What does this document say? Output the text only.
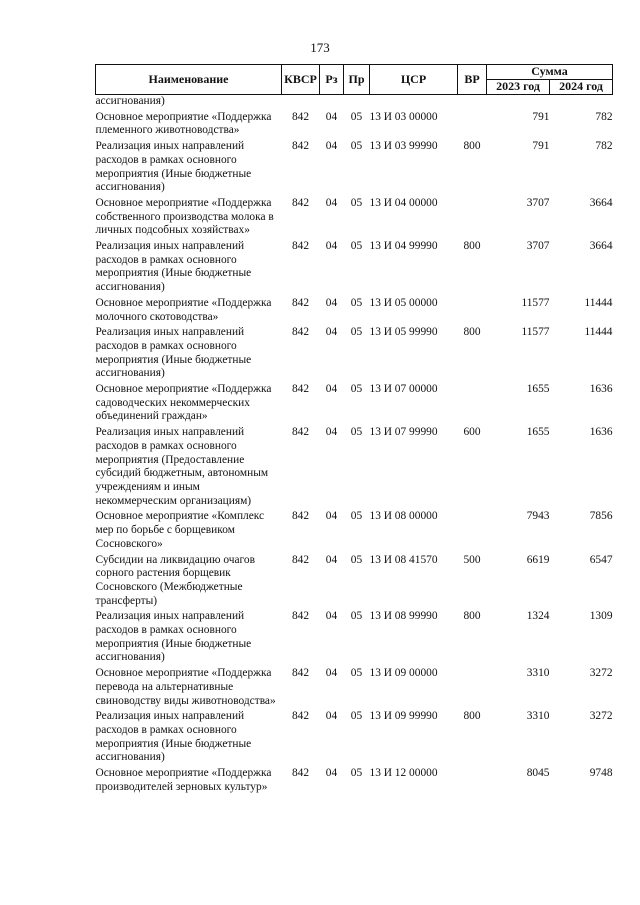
173
Наименование	КВСР	Рз	Пр	ЦСР	ВР	Сумма	
						2023 год	2024 год
ассигнования)							
Основное мероприятие «Поддержка племенного животноводства»	842	04	05	13 И 03 00000		791	782
Реализация иных направлений расходов в рамках основного мероприятия (Иные бюджетные ассигнования)	842	04	05	13 И 03 99990	800	791	782
Основное мероприятие «Поддержка собственного производства молока в личных подсобных хозяйствах»	842	04	05	13 И 04 00000		3707	3664
Реализация иных направлений расходов в рамках основного мероприятия (Иные бюджетные ассигнования)	842	04	05	13 И 04 99990	800	3707	3664
Основное мероприятие «Поддержка молочного скотоводства»	842	04	05	13 И 05 00000		11577	11444
Реализация иных направлений расходов в рамках основного мероприятия (Иные бюджетные ассигнования)	842	04	05	13 И 05 99990	800	11577	11444
Основное мероприятие «Поддержка садоводческих некоммерческих объединений граждан»	842	04	05	13 И 07 00000		1655	1636
Реализация иных направлений расходов в рамках основного мероприятия (Предоставление субсидий бюджетным, автономным учреждениям и иным некоммерческим организациям)	842	04	05	13 И 07 99990	600	1655	1636
Основное мероприятие «Комплекс мер по борьбе с борщевиком Сосновского»	842	04	05	13 И 08 00000		7943	7856
Субсидии на ликвидацию очагов сорного растения борщевик Сосновского (Межбюджетные трансферты)	842	04	05	13 И 08 41570	500	6619	6547
Реализация иных направлений расходов в рамках основного мероприятия (Иные бюджетные ассигнования)	842	04	05	13 И 08 99990	800	1324	1309
Основное мероприятие «Поддержка перевода на альтернативные свиноводству виды животноводства»	842	04	05	13 И 09 00000		3310	3272
Реализация иных направлений расходов в рамках основного мероприятия (Иные бюджетные ассигнования)	842	04	05	13 И 09 99990	800	3310	3272
Основное мероприятие «Поддержка производителей зерновых культур»	842	04	05	13 И 12 00000		8045	9748
